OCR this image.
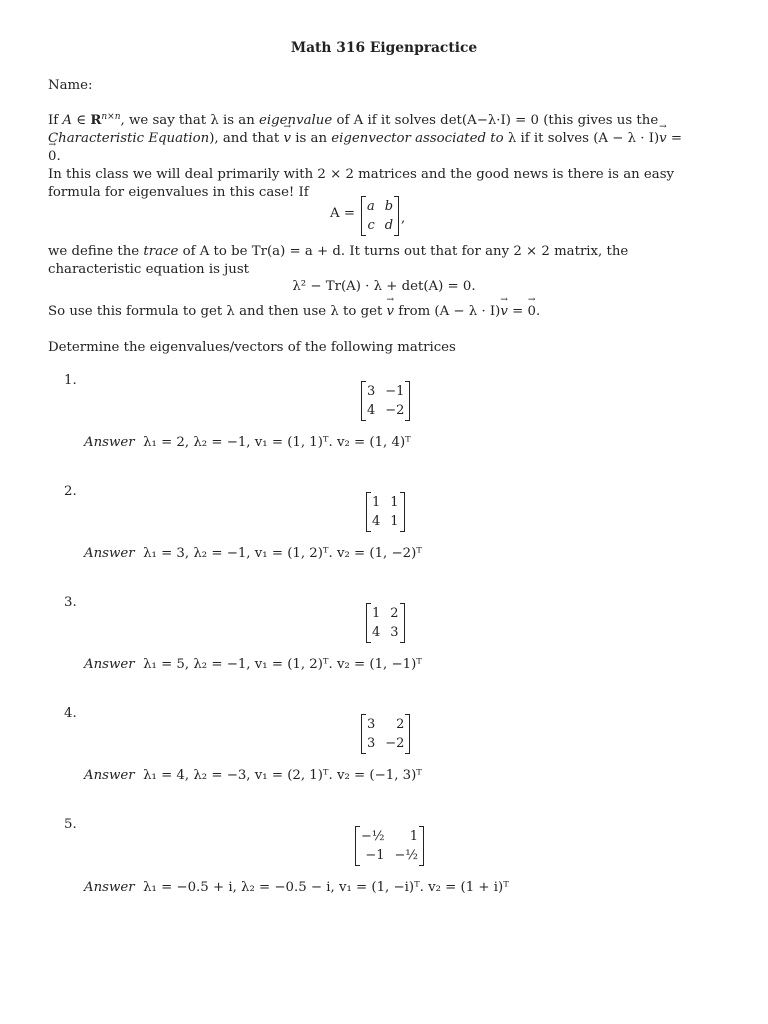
Math 316 Eigenpractice
Name:
If A ∈ $R^{n\times n}$, we say that λ is an eigenvalue of A if it solves det(A−λ·I) = 0 (this gives us the Characteristic Equation), and that → v is an eigenvector associated to λ if it solves (A − λ · I)→ v = → 0.
In this class we will deal primarily with 2 × 2 matrices and the good news is there is an easy formula for eigenvalues in this case! If
A = a b
c d ,
we define the trace of A to be Tr(a) = a + d. It turns out that for any 2 × 2 matrix, the characteristic equation is just
λ² − Tr(A) · λ + det(A) = 0.
So use this formula to get λ and then use λ to get → v from (A − λ · I)→ v = → 0.
Determine the eigenvalues/vectors of the following matrices
1.
3 −1
4 −2
Answer λ₁ = 2, λ₂ = −1, v₁ = (1, 1)ᵀ. v₂ = (1, 4)ᵀ
2.
1 1
4 1
Answer λ₁ = 3, λ₂ = −1, v₁ = (1, 2)ᵀ. v₂ = (1, −2)ᵀ
3.
1 2
4 3
Answer λ₁ = 5, λ₂ = −1, v₁ = (1, 2)ᵀ. v₂ = (1, −1)ᵀ
4.
3	2
3 −2
Answer λ₁ = 4, λ₂ = −3, v₁ = (2, 1)ᵀ. v₂ = (−1, 3)ᵀ
5.
−½	1
−1 −½
Answer λ₁ = −0.5 + i, λ₂ = −0.5 − i, v₁ = (1, −i)ᵀ. v₂ = (1 + i)ᵀ
